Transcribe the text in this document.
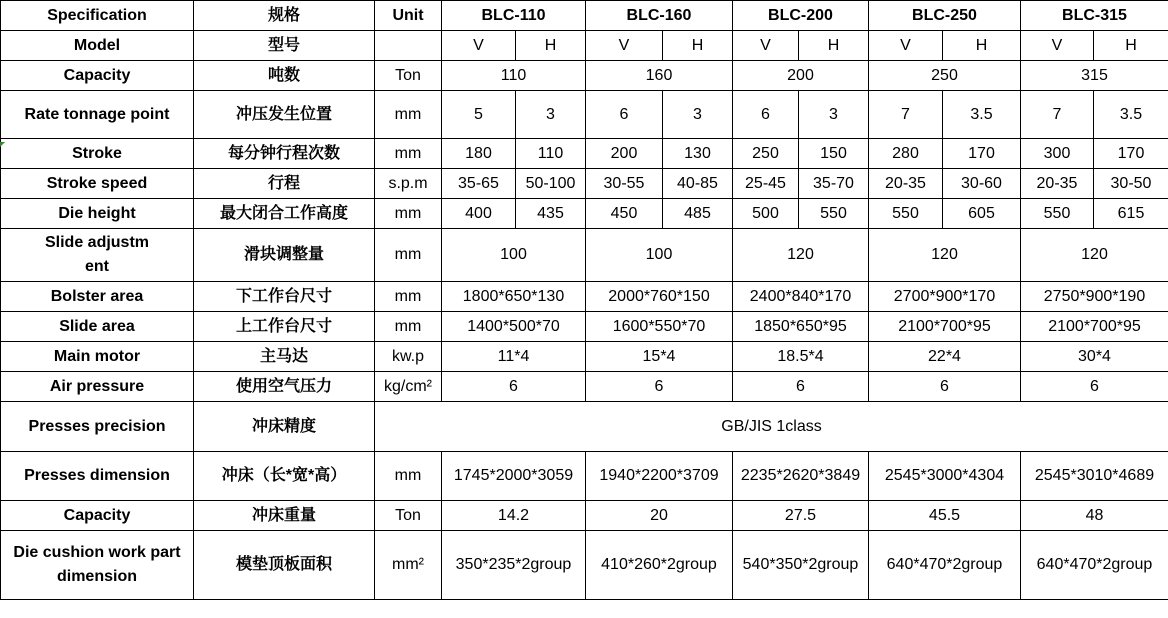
Specification	规格	Unit	BLC-110		BLC-160		BLC-200		BLC-250		BLC-315	
Model	型号		V	H	V	H	V	H	V	H	V	H
Capacity	吨数	Ton	110		160		200		250		315	
Rate tonnage point	冲压发生位置	mm	5	3	6	3	6	3	7	3.5	7	3.5
Stroke	每分钟行程次数	mm	180	110	200	130	250	150	280	170	300	170
Stroke speed	行程	s.p.m	35-65	50-100	30-55	40-85	25-45	35-70	20-35	30-60	20-35	30-50
Die height	最大闭合工作高度	mm	400	435	450	485	500	550	550	605	550	615
Slide adjustment	滑块调整量	mm	100		100		120		120		120	
Bolster area	下工作台尺寸	mm	1800*650*130		2000*760*150		2400*840*170		2700*900*170		2750*900*190	
Slide area	上工作台尺寸	mm	1400*500*70		1600*550*70		1850*650*95		2100*700*95		2100*700*95	
Main motor	主马达	kw.p	11*4		15*4		18.5*4		22*4		30*4	
Air pressure	使用空气压力	kg/cm²	6		6		6		6		6	
Presses precision	冲床精度	GB/JIS 1class										
Presses dimension	冲床（长*宽*高）	mm	1745*2000*3059		1940*2200*3709		2235*2620*3849		2545*3000*4304		2545*3010*4689	
Capacity	冲床重量	Ton	14.2		20		27.5		45.5		48	
Die cushion work part dimension	模垫顶板面积	mm²	350*235*2group		410*260*2group		540*350*2group		640*470*2group		640*470*2group	
